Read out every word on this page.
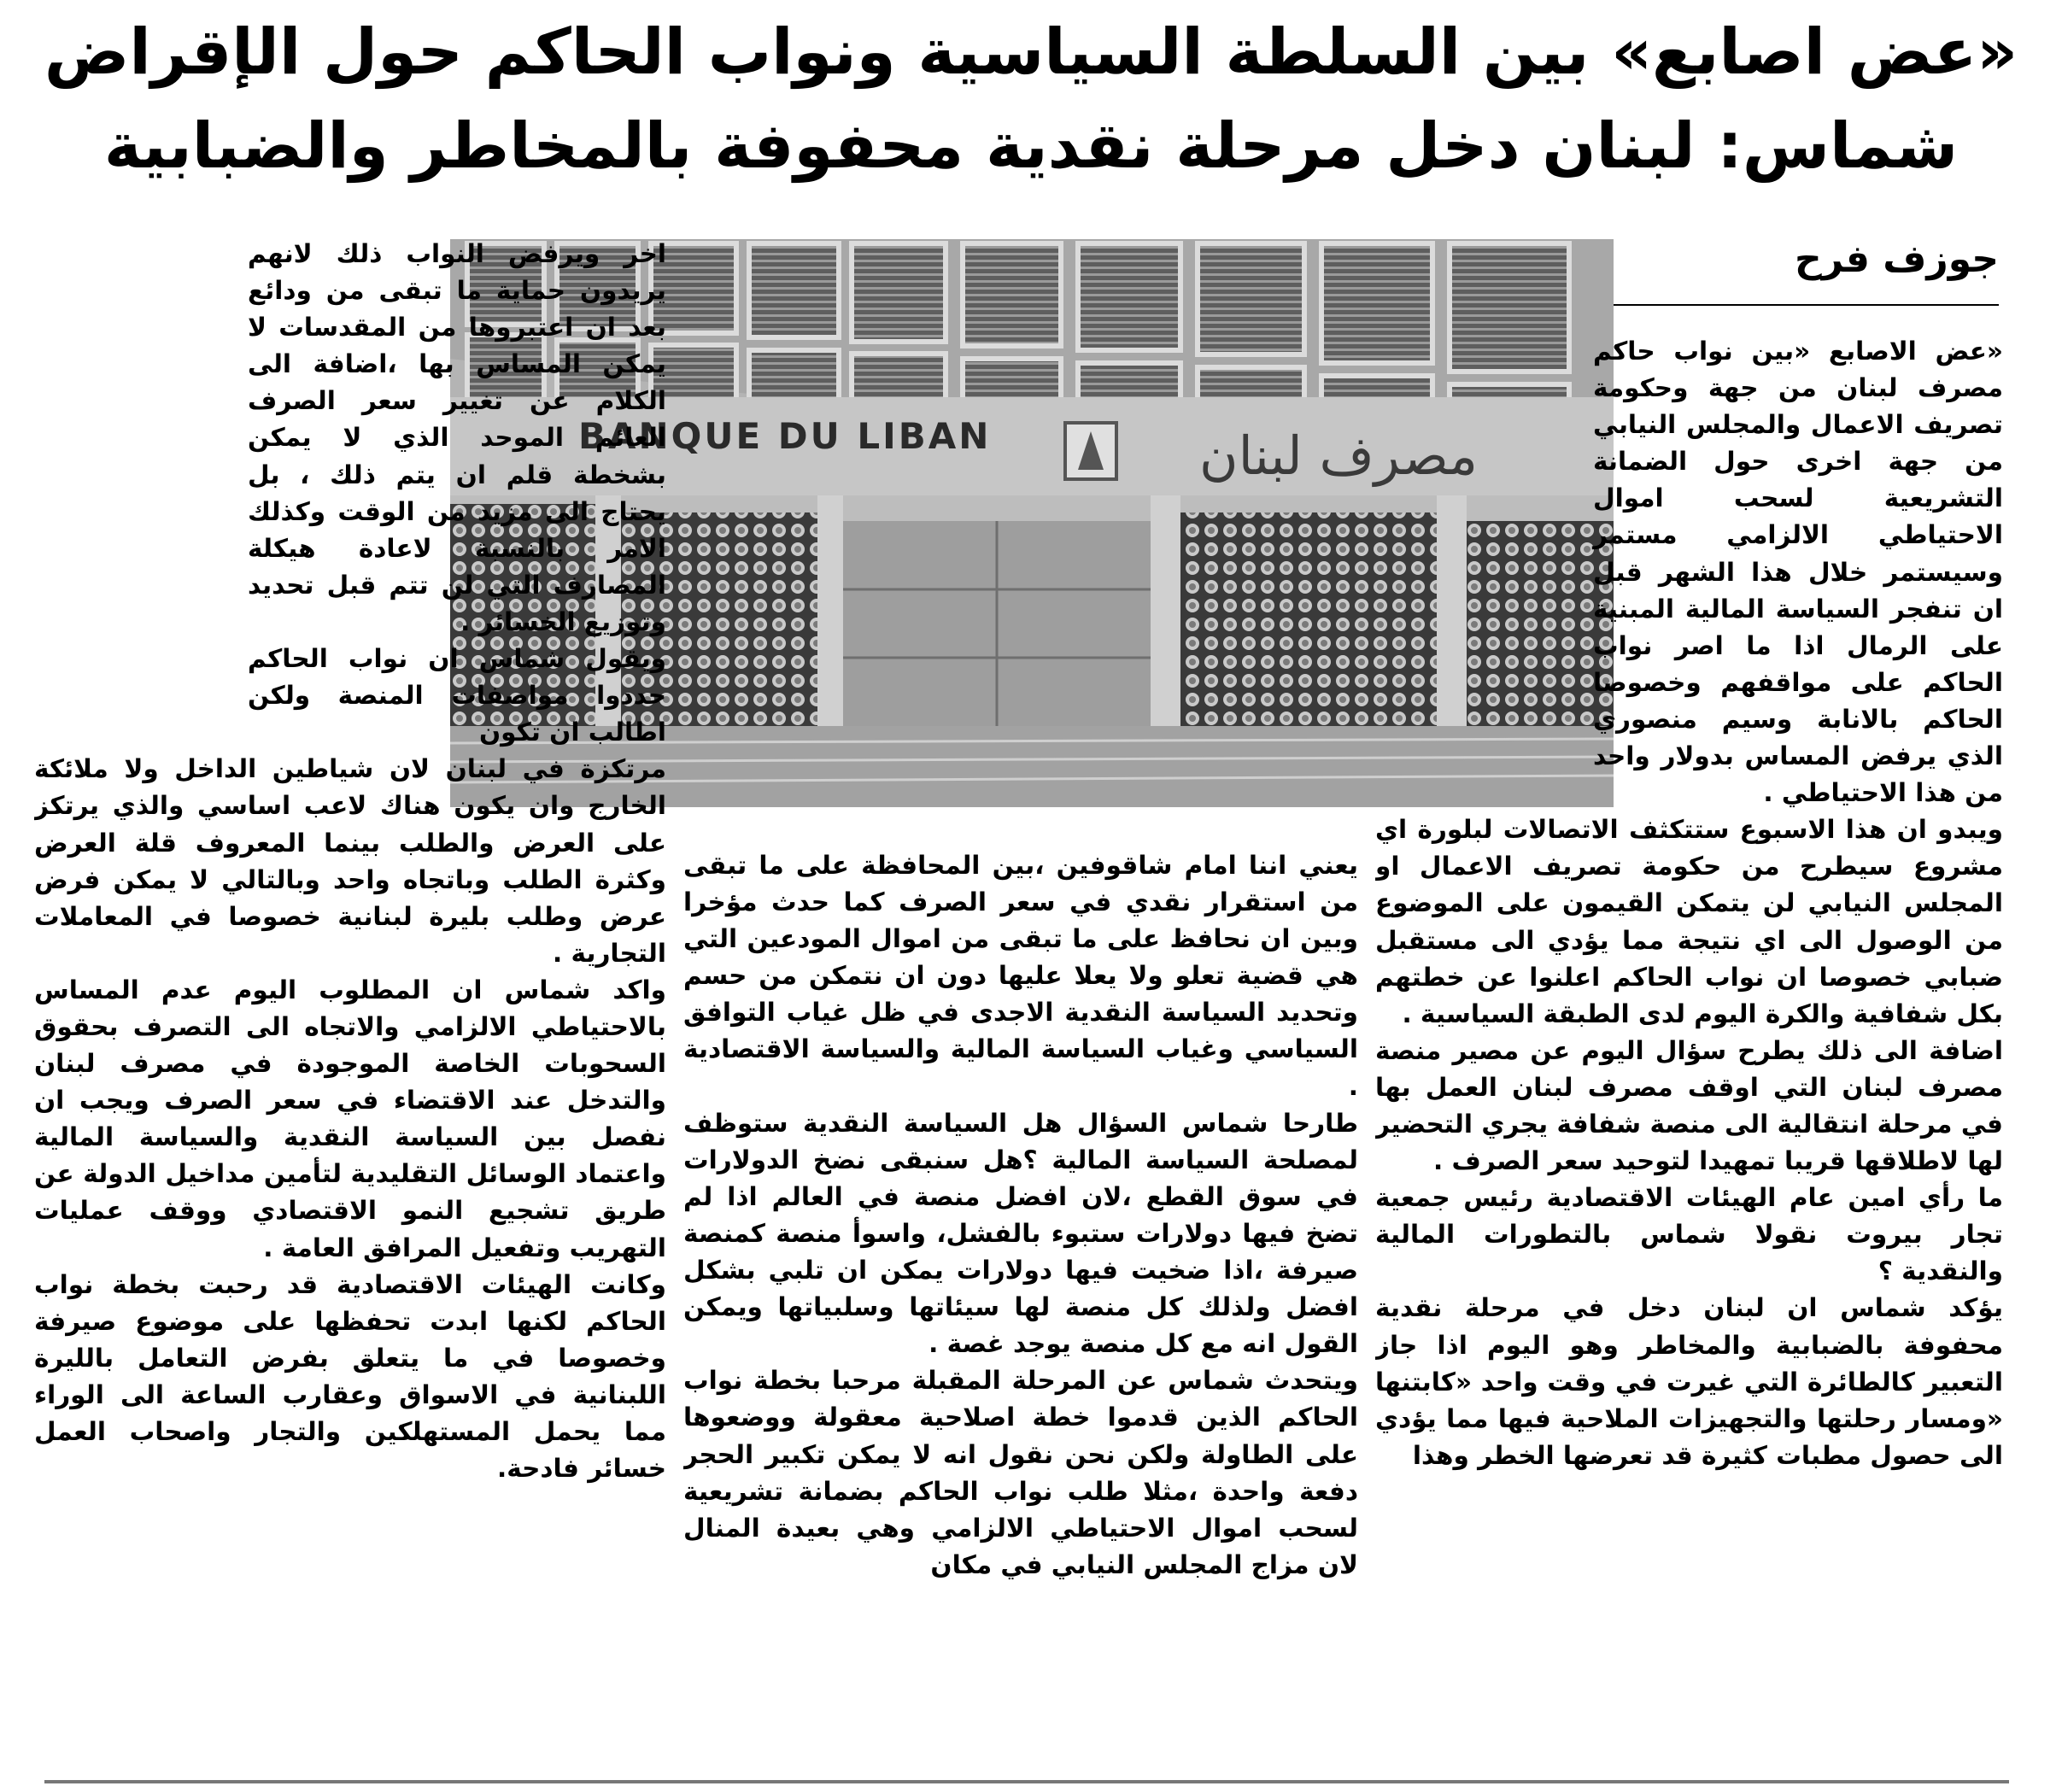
«عض اصابع» بين السلطة السياسية ونواب الحاكم حول الإقراض
شماس: لبنان دخل مرحلة نقدية محفوفة بالمخاطر والضبابية
جوزف فرح
BANQUE DU LIBAN	مصرف لبنان

«عض الاصابع «بين نواب حاكم مصرف لبنان من جهة وحكومة تصريف الاعمال والمجلس النيابي من جهة اخرى حول الضمانة التشريعية لسحب اموال الاحتياطي الالزامي مستمر وسيستمر خلال هذا الشهر قبل ان تنفجر السياسة المالية المبنية على الرمال اذا ما اصر نواب الحاكم على مواقفهم وخصوصا الحاكم بالانابة وسيم منصوري الذي يرفض المساس بدولار واحد من هذا الاحتياطي .

ويبدو ان هذا الاسبوع ستتكثف الاتصالات لبلورة اي مشروع سيطرح من حكومة تصريف الاعمال او المجلس النيابي لن يتمكن القيمون على الموضوع من الوصول الى اي نتيجة مما يؤدي الى مستقبل ضبابي خصوصا ان نواب الحاكم اعلنوا عن خطتهم بكل شفافية والكرة اليوم لدى الطبقة السياسية .

اضافة الى ذلك يطرح سؤال اليوم عن مصير منصة مصرف لبنان التي اوقف مصرف لبنان العمل بها في مرحلة انتقالية الى منصة شفافة يجري التحضير لها لاطلاقها قريبا تمهيدا لتوحيد سعر الصرف .

ما رأي امين عام الهيئات الاقتصادية رئيس جمعية تجار بيروت نقولا شماس بالتطورات المالية والنقدية ؟

يؤكد شماس ان لبنان دخل في مرحلة نقدية محفوفة بالضبابية والمخاطر وهو اليوم اذا جاز التعبير كالطائرة التي غيرت في وقت واحد «كابتنها «ومسار رحلتها والتجهيزات الملاحية فيها مما يؤدي الى حصول مطبات كثيرة قد تعرضها الخطر وهذا

يعني اننا امام شاقوفين ،بين المحافظة على ما تبقى من استقرار نقدي في سعر الصرف كما حدث مؤخرا وبين ان نحافظ على ما تبقى من اموال المودعين التي هي قضية تعلو ولا يعلا عليها دون ان نتمكن من حسم وتحديد السياسة النقدية الاجدى في ظل غياب التوافق السياسي وغياب السياسة المالية والسياسة الاقتصادية .

طارحا شماس السؤال هل السياسة النقدية ستوظف لمصلحة السياسة المالية ؟هل سنبقى نضخ الدولارات في سوق القطع ،لان افضل منصة في العالم اذا لم تضخ فيها دولارات ستبوء بالفشل، واسوأ منصة كمنصة صيرفة ،اذا ضخيت فيها دولارات يمكن ان تلبي بشكل افضل ولذلك كل منصة لها سيئاتها وسلبياتها ويمكن القول انه مع كل منصة يوجد غصة .

ويتحدث شماس عن المرحلة المقبلة مرحبا بخطة نواب الحاكم الذين قدموا خطة اصلاحية معقولة ووضعوها على الطاولة ولكن نحن نقول انه لا يمكن تكبير الحجر دفعة واحدة ،مثلا طلب نواب الحاكم بضمانة تشريعية لسحب اموال الاحتياطي الالزامي وهي بعيدة المنال لان مزاج المجلس النيابي في مكان

اخر ويرفض النواب ذلك لانهم يريدون حماية ما تبقى من ودائع بعد ان اعتبروها من المقدسات لا يمكن المساس بها ،اضافة الى الكلام عن تغيير سعر الصرف العائم الموحد الذي لا يمكن بشخطة قلم ان يتم ذلك ، بل يحتاج الى مزيد من الوقت وكذلك الامر بالنسبة لاعادة هيكلة المصارف التي لن تتم قبل تحديد وتوزيع الخسائر .

ويقول شماس ان نواب الحاكم حددوا مواصفات المنصة ولكن اطالب ان تكون

مرتكزة في لبنان لان شياطين الداخل ولا ملائكة الخارج وان يكون هناك لاعب اساسي والذي يرتكز على العرض والطلب بينما المعروف قلة العرض وكثرة الطلب وباتجاه واحد وبالتالي لا يمكن فرض عرض وطلب بليرة لبنانية خصوصا في المعاملات التجارية .

واكد شماس ان المطلوب اليوم عدم المساس بالاحتياطي الالزامي والاتجاه الى التصرف بحقوق السحوبات الخاصة الموجودة في مصرف لبنان والتدخل عند الاقتضاء في سعر الصرف ويجب ان نفصل بين السياسة النقدية والسياسة المالية واعتماد الوسائل التقليدية لتأمين مداخيل الدولة عن طريق تشجيع النمو الاقتصادي ووقف عمليات التهريب وتفعيل المرافق العامة .

وكانت الهيئات الاقتصادية قد رحبت بخطة نواب الحاكم لكنها ابدت تحفظها على موضوع صيرفة وخصوصا في ما يتعلق بفرض التعامل بالليرة اللبنانية في الاسواق وعقارب الساعة الى الوراء مما يحمل المستهلكين والتجار واصحاب العمل خسائر فادحة.
